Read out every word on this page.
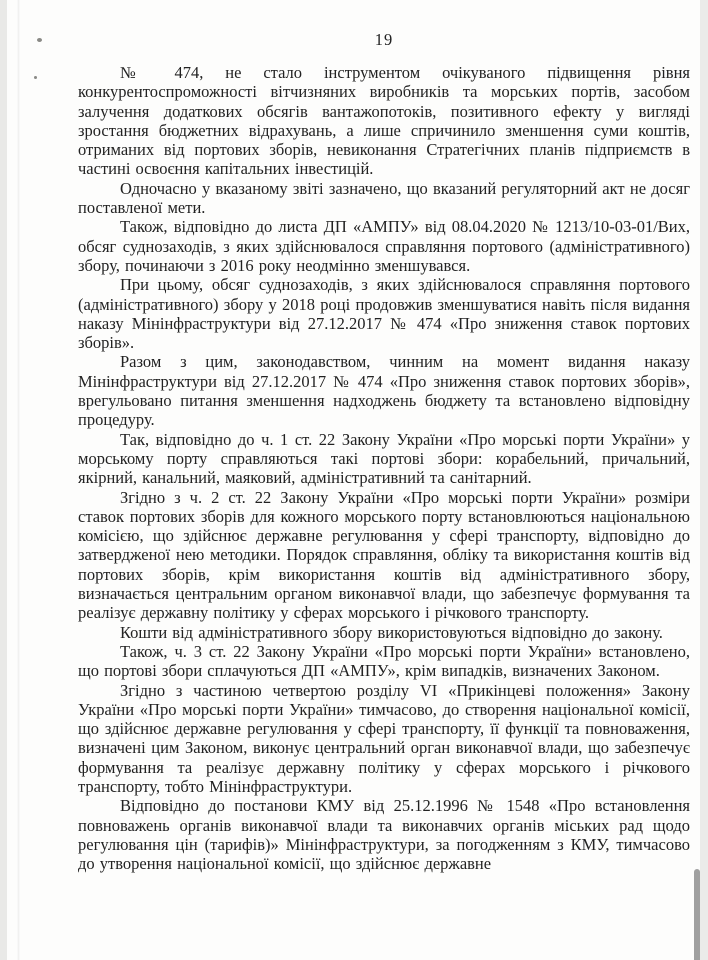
19

№ 474, не стало інструментом очікуваного підвищення рівня конкурентоспроможності вітчизняних виробників та морських портів, засобом залучення додаткових обсягів вантажопотоків, позитивного ефекту у вигляді зростання бюджетних відрахувань, а лише спричинило зменшення суми коштів, отриманих від портових зборів, невиконання Стратегічних планів підприємств в частині освоєння капітальних інвестицій.

Одночасно у вказаному звіті зазначено, що вказаний регуляторний акт не досяг поставленої мети.

Також, відповідно до листа ДП «АМПУ» від 08.04.2020 № 1213/10-03-01/Вих, обсяг суднозаходів, з яких здійснювалося справляння портового (адміністративного) збору, починаючи з 2016 року неодмінно зменшувався.

При цьому, обсяг суднозаходів, з яких здійснювалося справляння портового (адміністративного) збору у 2018 році продовжив зменшуватися навіть після видання наказу Мінінфраструктури від 27.12.2017 № 474 «Про зниження ставок портових зборів».

Разом з цим, законодавством, чинним на момент видання наказу Мінінфраструктури від 27.12.2017 № 474 «Про зниження ставок портових зборів», врегульовано питання зменшення надходжень бюджету та встановлено відповідну процедуру.

Так, відповідно до ч. 1 ст. 22 Закону України «Про морські порти України» у морському порту справляються такі портові збори: корабельний, причальний, якірний, канальний, маяковий, адміністративний та санітарний.

Згідно з ч. 2 ст. 22 Закону України «Про морські порти України» розміри ставок портових зборів для кожного морського порту встановлюються національною комісією, що здійснює державне регулювання у сфері транспорту, відповідно до затвердженої нею методики. Порядок справляння, обліку та використання коштів від портових зборів, крім використання коштів від адміністративного збору, визначається центральним органом виконавчої влади, що забезпечує формування та реалізує державну політику у сферах морського і річкового транспорту.

Кошти від адміністративного збору використовуються відповідно до закону.

Також, ч. 3 ст. 22 Закону України «Про морські порти України» встановлено, що портові збори сплачуються ДП «АМПУ», крім випадків, визначених Законом.

Згідно з частиною четвертою розділу VI «Прикінцеві положення» Закону України «Про морські порти України» тимчасово, до створення національної комісії, що здійснює державне регулювання у сфері транспорту, її функції та повноваження, визначені цим Законом, виконує центральний орган виконавчої влади, що забезпечує формування та реалізує державну політику у сферах морського і річкового транспорту, тобто Мінінфраструктури.

Відповідно до постанови КМУ від 25.12.1996 № 1548 «Про встановлення повноважень органів виконавчої влади та виконавчих органів міських рад щодо регулювання цін (тарифів)» Мінінфраструктури, за погодженням з КМУ, тимчасово до утворення національної комісії, що здійснює державне
